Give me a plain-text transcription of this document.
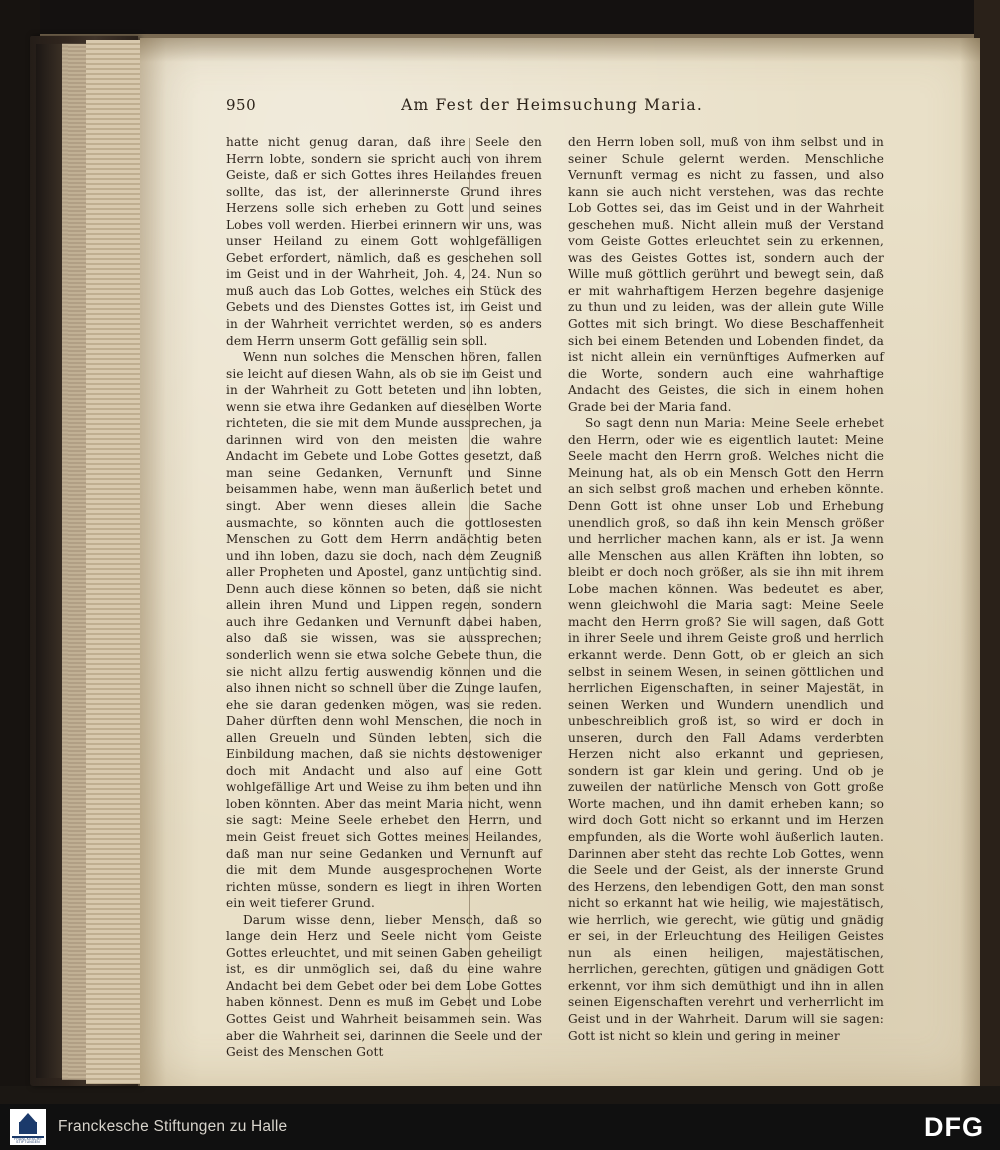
950	Am Fest der Heimsuchung Maria.

hatte nicht genug daran, daß ihre Seele den Herrn lobte, sondern sie spricht auch von ihrem Geiste, daß er sich Gottes ihres Heilandes freuen sollte, das ist, der allerinnerste Grund ihres Herzens solle sich erheben zu Gott und seines Lobes voll werden. Hierbei erinnern wir uns, was unser Heiland zu einem Gott wohlgefälligen Gebet erfordert, nämlich, daß es geschehen soll im Geist und in der Wahrheit, Joh. 4, 24. Nun so muß auch das Lob Gottes, welches ein Stück des Gebets und des Dienstes Gottes ist, im Geist und in der Wahrheit verrichtet werden, so es anders dem Herrn unserm Gott gefällig sein soll.

Wenn nun solches die Menschen hören, fallen sie leicht auf diesen Wahn, als ob sie im Geist und in der Wahrheit zu Gott beteten und ihn lobten, wenn sie etwa ihre Gedanken auf dieselben Worte richteten, die sie mit dem Munde aussprechen, ja darinnen wird von den meisten die wahre Andacht im Gebete und Lobe Gottes gesetzt, daß man seine Gedanken, Vernunft und Sinne beisammen habe, wenn man äußerlich betet und singt. Aber wenn dieses allein die Sache ausmachte, so könnten auch die gottlosesten Menschen zu Gott dem Herrn andächtig beten und ihn loben, dazu sie doch, nach dem Zeugniß aller Propheten und Apostel, ganz untüchtig sind. Denn auch diese können so beten, daß sie nicht allein ihren Mund und Lippen regen, sondern auch ihre Gedanken und Vernunft dabei haben, also daß sie wissen, was sie aussprechen; sonderlich wenn sie etwa solche Gebete thun, die sie nicht allzu fertig auswendig können und die also ihnen nicht so schnell über die Zunge laufen, ehe sie daran gedenken mögen, was sie reden. Daher dürften denn wohl Menschen, die noch in allen Greueln und Sünden lebten, sich die Einbildung machen, daß sie nichts destoweniger doch mit Andacht und also auf eine Gott wohlgefällige Art und Weise zu ihm beten und ihn loben könnten. Aber das meint Maria nicht, wenn sie sagt: Meine Seele erhebet den Herrn, und mein Geist freuet sich Gottes meines Heilandes, daß man nur seine Gedanken und Vernunft auf die mit dem Munde ausgesprochenen Worte richten müsse, sondern es liegt in ihren Worten ein weit tieferer Grund.

Darum wisse denn, lieber Mensch, daß so lange dein Herz und Seele nicht vom Geiste Gottes erleuchtet, und mit seinen Gaben geheiligt ist, es dir unmöglich sei, daß du eine wahre Andacht bei dem Gebet oder bei dem Lobe Gottes haben könnest. Denn es muß im Gebet und Lobe Gottes Geist und Wahrheit beisammen sein. Was aber die Wahrheit sei, darinnen die Seele und der Geist des Menschen Gott

den Herrn loben soll, muß von ihm selbst und in seiner Schule gelernt werden. Menschliche Vernunft vermag es nicht zu fassen, und also kann sie auch nicht verstehen, was das rechte Lob Gottes sei, das im Geist und in der Wahrheit geschehen muß. Nicht allein muß der Verstand vom Geiste Gottes erleuchtet sein zu erkennen, was des Geistes Gottes ist, sondern auch der Wille muß göttlich gerührt und bewegt sein, daß er mit wahrhaftigem Herzen begehre dasjenige zu thun und zu leiden, was der allein gute Wille Gottes mit sich bringt. Wo diese Beschaffenheit sich bei einem Betenden und Lobenden findet, da ist nicht allein ein vernünftiges Aufmerken auf die Worte, sondern auch eine wahrhaftige Andacht des Geistes, die sich in einem hohen Grade bei der Maria fand.

So sagt denn nun Maria: Meine Seele erhebet den Herrn, oder wie es eigentlich lautet: Meine Seele macht den Herrn groß. Welches nicht die Meinung hat, als ob ein Mensch Gott den Herrn an sich selbst groß machen und erheben könnte. Denn Gott ist ohne unser Lob und Erhebung unendlich groß, so daß ihn kein Mensch größer und herrlicher machen kann, als er ist. Ja wenn alle Menschen aus allen Kräften ihn lobten, so bleibt er doch noch größer, als sie ihn mit ihrem Lobe machen können. Was bedeutet es aber, wenn gleichwohl die Maria sagt: Meine Seele macht den Herrn groß? Sie will sagen, daß Gott in ihrer Seele und ihrem Geiste groß und herrlich erkannt werde. Denn Gott, ob er gleich an sich selbst in seinem Wesen, in seinen göttlichen und herrlichen Eigenschaften, in seiner Majestät, in seinen Werken und Wundern unendlich und unbeschreiblich groß ist, so wird er doch in unseren, durch den Fall Adams verderbten Herzen nicht also erkannt und gepriesen, sondern ist gar klein und gering. Und ob je zuweilen der natürliche Mensch von Gott große Worte machen, und ihn damit erheben kann; so wird doch Gott nicht so erkannt und im Herzen empfunden, als die Worte wohl äußerlich lauten. Darinnen aber steht das rechte Lob Gottes, wenn die Seele und der Geist, als der innerste Grund des Herzens, den lebendigen Gott, den man sonst nicht so erkannt hat wie heilig, wie majestätisch, wie herrlich, wie gerecht, wie gütig und gnädig er sei, in der Erleuchtung des Heiligen Geistes nun als einen heiligen, majestätischen, herrlichen, gerechten, gütigen und gnädigen Gott erkennt, vor ihm sich demüthigt und ihn in allen seinen Eigenschaften verehrt und verherrlicht im Geist und in der Wahrheit. Darum will sie sagen: Gott ist nicht so klein und gering in meiner

FRANCKESCHE STIFTUNGEN
Franckesche Stiftungen zu Halle	DFG
